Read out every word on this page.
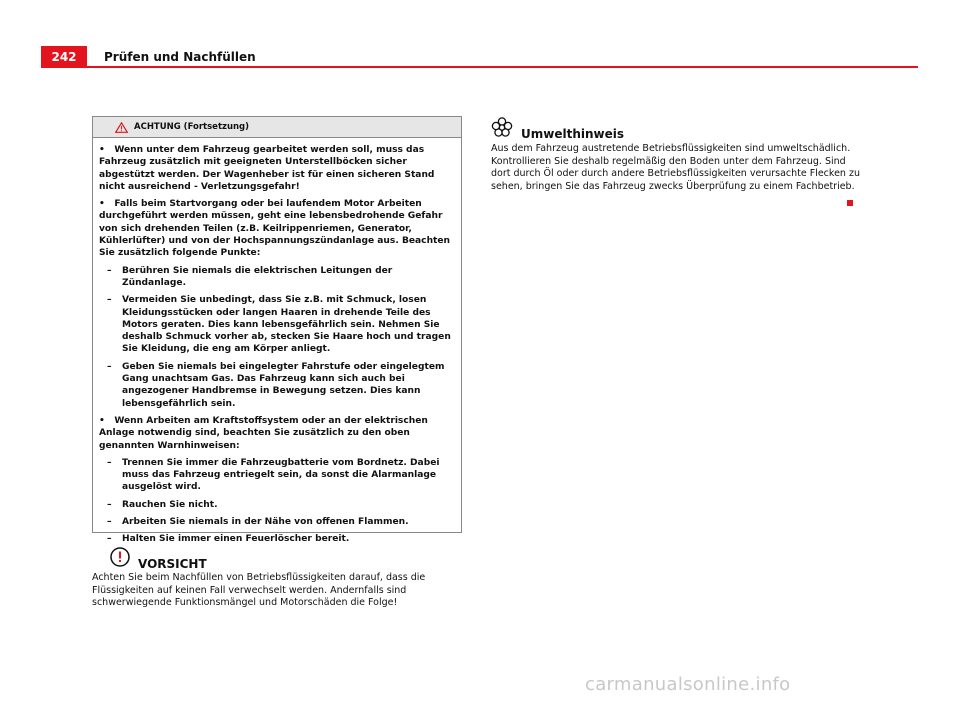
242	Prüfen und Nachfüllen
ACHTUNG (Fortsetzung)

•   Wenn unter dem Fahrzeug gearbeitet werden soll, muss das Fahrzeug zusätzlich mit geeigneten Unterstellböcken sicher abgestützt werden. Der Wagenheber ist für einen sicheren Stand nicht ausreichend - Verletzungsgefahr!

•   Falls beim Startvorgang oder bei laufendem Motor Arbeiten durchgeführt werden müssen, geht eine lebensbedrohende Gefahr von sich drehenden Teilen (z.B. Keilrippenriemen, Generator, Kühlerlüfter) und von der Hochspannungszündanlage aus. Beachten Sie zusätzlich folgende Punkte:

– Berühren Sie niemals die elektrischen Leitungen der Zündanlage.

– Vermeiden Sie unbedingt, dass Sie z.B. mit Schmuck, losen Kleidungsstücken oder langen Haaren in drehende Teile des Motors geraten. Dies kann lebensgefährlich sein. Nehmen Sie deshalb Schmuck vorher ab, stecken Sie Haare hoch und tragen Sie Kleidung, die eng am Körper anliegt.

– Geben Sie niemals bei eingelegter Fahrstufe oder eingelegtem Gang unachtsam Gas. Das Fahrzeug kann sich auch bei angezogener Handbremse in Bewegung setzen. Dies kann lebensgefährlich sein.

•   Wenn Arbeiten am Kraftstoffsystem oder an der elektrischen Anlage notwendig sind, beachten Sie zusätzlich zu den oben genannten Warnhinweisen:

– Trennen Sie immer die Fahrzeugbatterie vom Bordnetz. Dabei muss das Fahrzeug entriegelt sein, da sonst die Alarmanlage ausgelöst wird.

– Rauchen Sie nicht.

– Arbeiten Sie niemals in der Nähe von offenen Flammen.

– Halten Sie immer einen Feuerlöscher bereit.

VORSICHT
Achten Sie beim Nachfüllen von Betriebsflüssigkeiten darauf, dass die Flüssigkeiten auf keinen Fall verwechselt werden. Andernfalls sind schwerwiegende Funktionsmängel und Motorschäden die Folge!
Umwelthinweis
Aus dem Fahrzeug austretende Betriebsflüssigkeiten sind umweltschädlich. Kontrollieren Sie deshalb regelmäßig den Boden unter dem Fahrzeug. Sind dort durch Öl oder durch andere Betriebsflüssigkeiten verursachte Flecken zu sehen, bringen Sie das Fahrzeug zwecks Überprüfung zu einem Fachbetrieb.
carmanualsonline.info
